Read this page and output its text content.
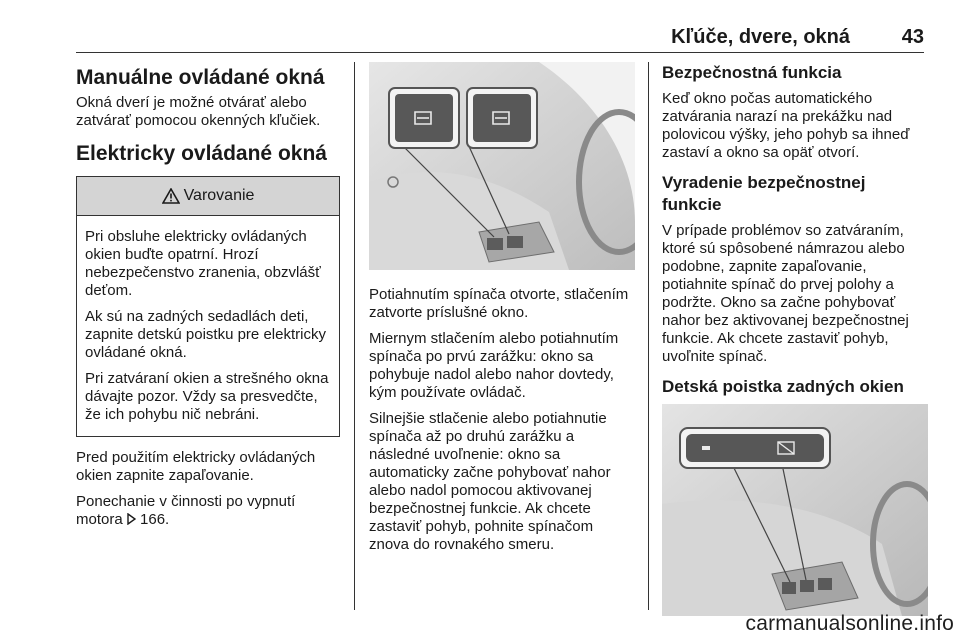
Kľúče, dvere, okná	43
Manuálne ovládané okná

Okná dverí je možné otvárať alebo zatvárať pomocou okenných kľučiek.

Elektricky ovládané okná
Varovanie

Pri obsluhe elektricky ovládaných okien buďte opatrní. Hrozí nebezpečenstvo zranenia, obzvlášť deťom.

Ak sú na zadných sedadlách deti, zapnite detskú poistku pre elektricky ovládané okná.

Pri zatváraní okien a strešného okna dávajte pozor. Vždy sa presvedčte, že ich pohybu nič nebráni.

Pred použitím elektricky ovládaných okien zapnite zapaľovanie.

Ponechanie v činnosti po vypnutí motora  166.

Potiahnutím spínača otvorte, stlačením zatvorte príslušné okno.

Miernym stlačením alebo potiahnutím spínača po prvú zarážku: okno sa pohybuje nadol alebo nahor dovtedy, kým používate ovládač.

Silnejšie stlačenie alebo potiahnutie spínača až po druhú zarážku a následné uvoľnenie: okno sa automaticky začne pohybovať nahor alebo nadol pomocou aktivovanej bezpečnostnej funkcie. Ak chcete zastaviť pohyb, pohnite spínačom znova do rovnakého smeru.

Bezpečnostná funkcia

Keď okno počas automatického zatvárania narazí na prekážku nad polovicou výšky, jeho pohyb sa ihneď zastaví a okno sa opäť otvorí.

Vyradenie bezpečnostnej funkcie

V prípade problémov so zatváraním, ktoré sú spôsobené námrazou alebo podobne, zapnite zapaľovanie, potiahnite spínač do prvej polohy a podržte. Okno sa začne pohybovať nahor bez aktivovanej bezpečnostnej funkcie. Ak chcete zastaviť pohyb, uvoľnite spínač.

Detská poistka zadných okien
carmanualsonline.info
